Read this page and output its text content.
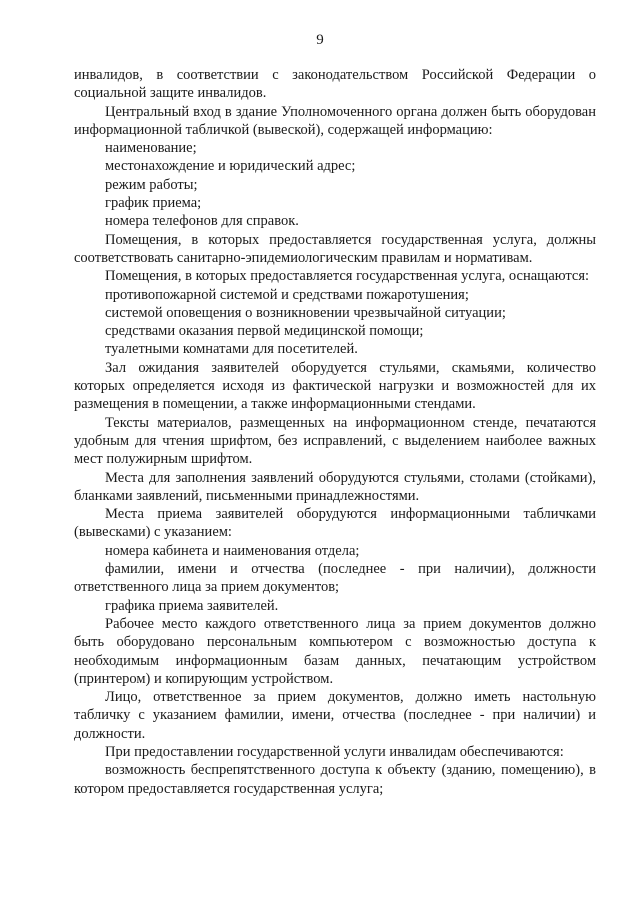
9

инвалидов, в соответствии с законодательством Российской Федерации о социальной защите инвалидов.

Центральный вход в здание Уполномоченного органа должен быть оборудован информационной табличкой (вывеской), содержащей информацию:

наименование;

местонахождение и юридический адрес;

режим работы;

график приема;

номера телефонов для справок.

Помещения, в которых предоставляется государственная услуга, должны соответствовать санитарно-эпидемиологическим правилам и нормативам.

Помещения, в которых предоставляется государственная услуга, оснащаются:

противопожарной системой и средствами пожаротушения;

системой оповещения о возникновении чрезвычайной ситуации;

средствами оказания первой медицинской помощи;

туалетными комнатами для посетителей.

Зал ожидания заявителей оборудуется стульями, скамьями, количество которых определяется исходя из фактической нагрузки и возможностей для их размещения в помещении, а также информационными стендами.

Тексты материалов, размещенных на информационном стенде, печатаются удобным для чтения шрифтом, без исправлений, с выделением наиболее важных мест полужирным шрифтом.

Места для заполнения заявлений оборудуются стульями, столами (стойками), бланками заявлений, письменными принадлежностями.

Места приема заявителей оборудуются информационными табличками (вывесками) с указанием:

номера кабинета и наименования отдела;

фамилии, имени и отчества (последнее - при наличии), должности ответственного лица за прием документов;

графика приема заявителей.

Рабочее место каждого ответственного лица за прием документов должно быть оборудовано персональным компьютером с возможностью доступа к необходимым информационным базам данных, печатающим устройством (принтером) и копирующим устройством.

Лицо, ответственное за прием документов, должно иметь настольную табличку с указанием фамилии, имени, отчества (последнее - при наличии) и должности.

При предоставлении государственной услуги инвалидам обеспечиваются:

возможность беспрепятственного доступа к объекту (зданию, помещению), в котором предоставляется государственная услуга;
